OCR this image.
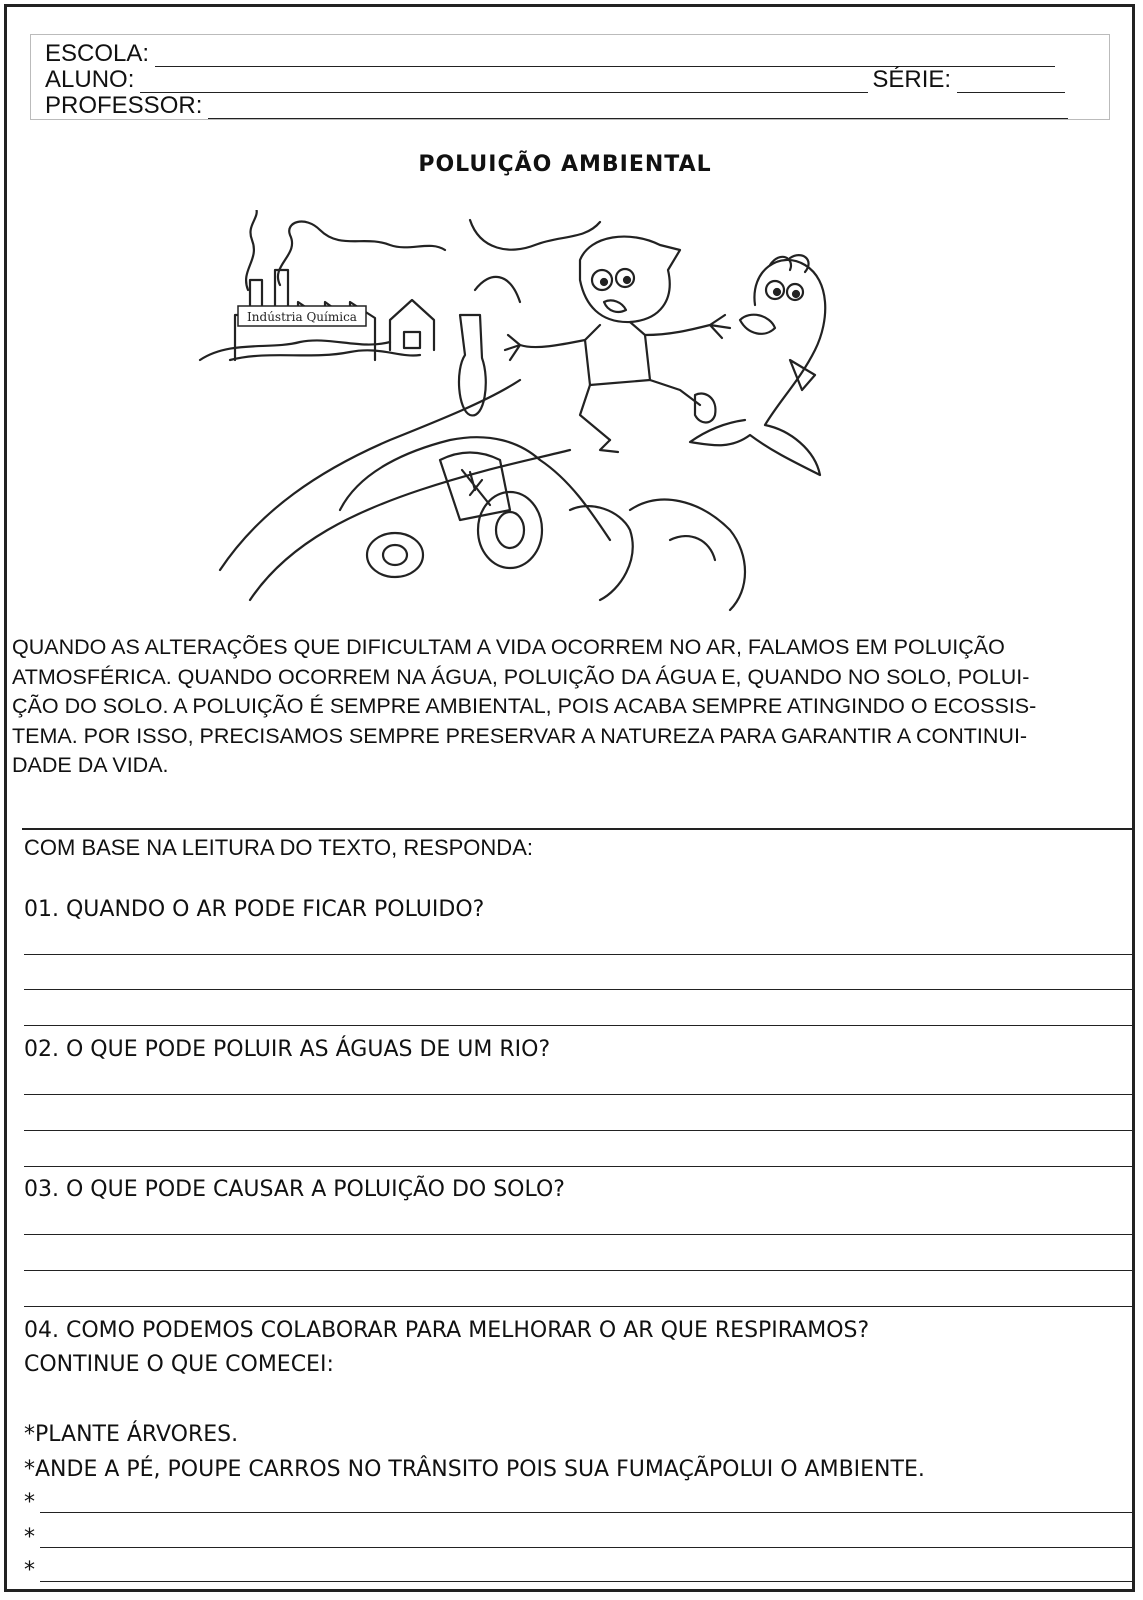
ESCOLA:
ALUNO:	SÉRIE:
PROFESSOR:
POLUIÇÃO AMBIENTAL
Indústria Química
QUANDO AS ALTERAÇÕES QUE DIFICULTAM A VIDA OCORREM NO AR, FALAMOS EM POLUIÇÃO
ATMOSFÉRICA. QUANDO OCORREM NA ÁGUA, POLUIÇÃO DA ÁGUA E, QUANDO NO SOLO, POLUI-
ÇÃO DO SOLO. A POLUIÇÃO É SEMPRE AMBIENTAL, POIS ACABA SEMPRE ATINGINDO O ECOSSIS-
TEMA. POR ISSO, PRECISAMOS SEMPRE PRESERVAR A NATUREZA PARA GARANTIR A CONTINUI-
DADE DA VIDA.
COM BASE NA LEITURA DO TEXTO, RESPONDA:
01. QUANDO O AR PODE FICAR POLUIDO?
02. O QUE PODE POLUIR AS ÁGUAS DE UM RIO?
03. O QUE PODE CAUSAR A POLUIÇÃO DO SOLO?
04. COMO PODEMOS COLABORAR PARA MELHORAR O AR QUE RESPIRAMOS?
CONTINUE O QUE COMECEI:
*PLANTE ÁRVORES.
*ANDE A PÉ, POUPE CARROS NO TRÂNSITO POIS SUA FUMAÇÃPOLUI O AMBIENTE.
*
*
*
